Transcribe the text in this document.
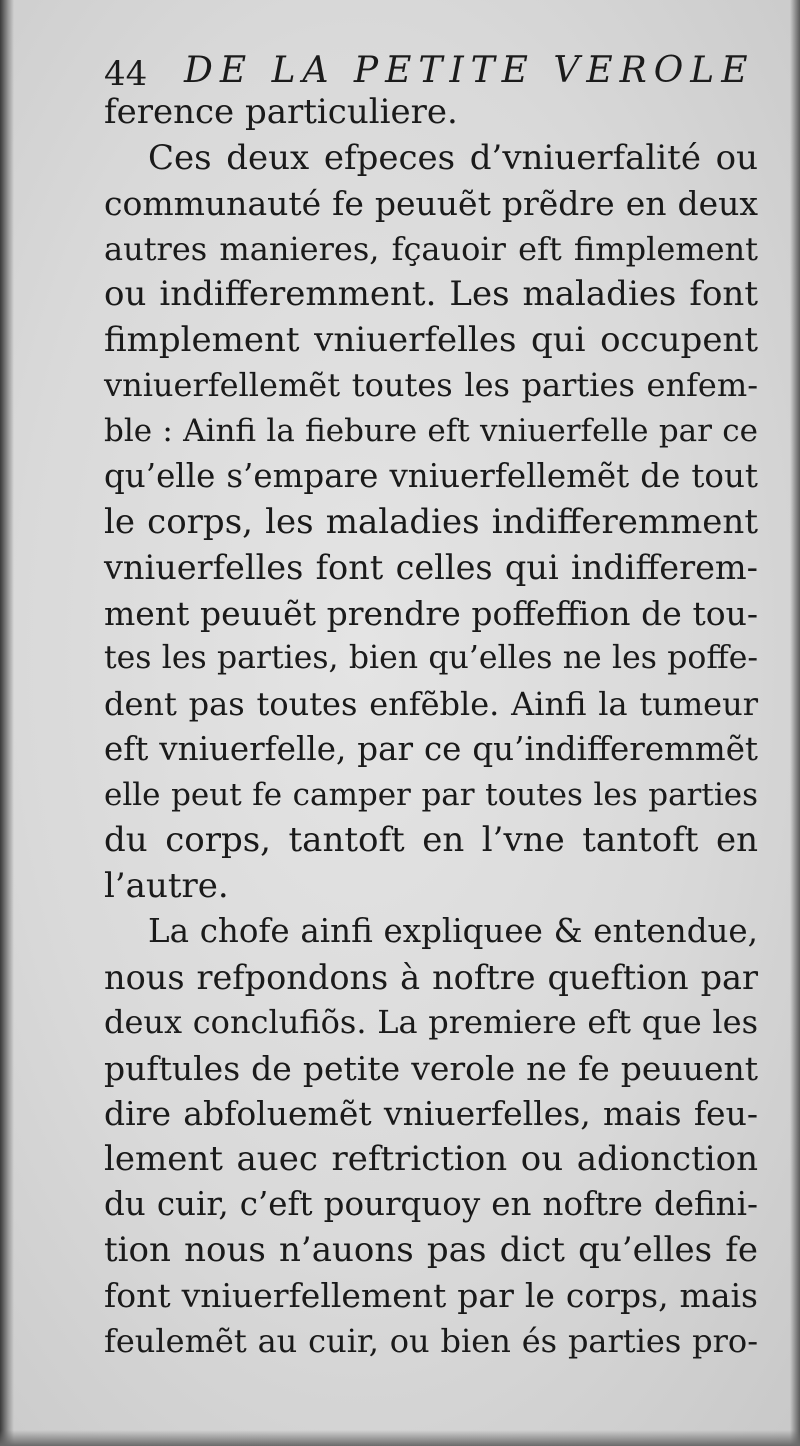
44 DE LA PETITE VEROLE
ference particuliere.
Ces deux efpeces d’vniuerfalité ou
communauté fe peuuẽt prẽdre en deux
autres manieres, fçauoir eft fimplement
ou indifferemment. Les maladies font
fimplement vniuerfelles qui occupent
vniuerfellemẽt toutes les parties enfem-
ble : Ainfi la fiebure eft vniuerfelle par ce
qu’elle s’empare vniuerfellemẽt de tout
le corps, les maladies indifferemment
vniuerfelles font celles qui indifferem-
ment peuuẽt prendre poffeffion de tou-
tes les parties, bien qu’elles ne les poffe-
dent pas toutes enfẽble. Ainfi la tumeur
eft vniuerfelle, par ce qu’indifferemmẽt
elle peut fe camper par toutes les parties
du corps, tantoft en l’vne tantoft en
l’autre.
La chofe ainfi expliquee & entendue,
nous refpondons à noftre queftion par
deux conclufiõs. La premiere eft que les
puftules de petite verole ne fe peuuent
dire abfoluemẽt vniuerfelles, mais feu-
lement auec reftriction ou adionction
du cuir, c’eft pourquoy en noftre defini-
tion nous n’auons pas dict qu’elles fe
font vniuerfellement par le corps, mais
feulemẽt au cuir, ou bien és parties pro-
